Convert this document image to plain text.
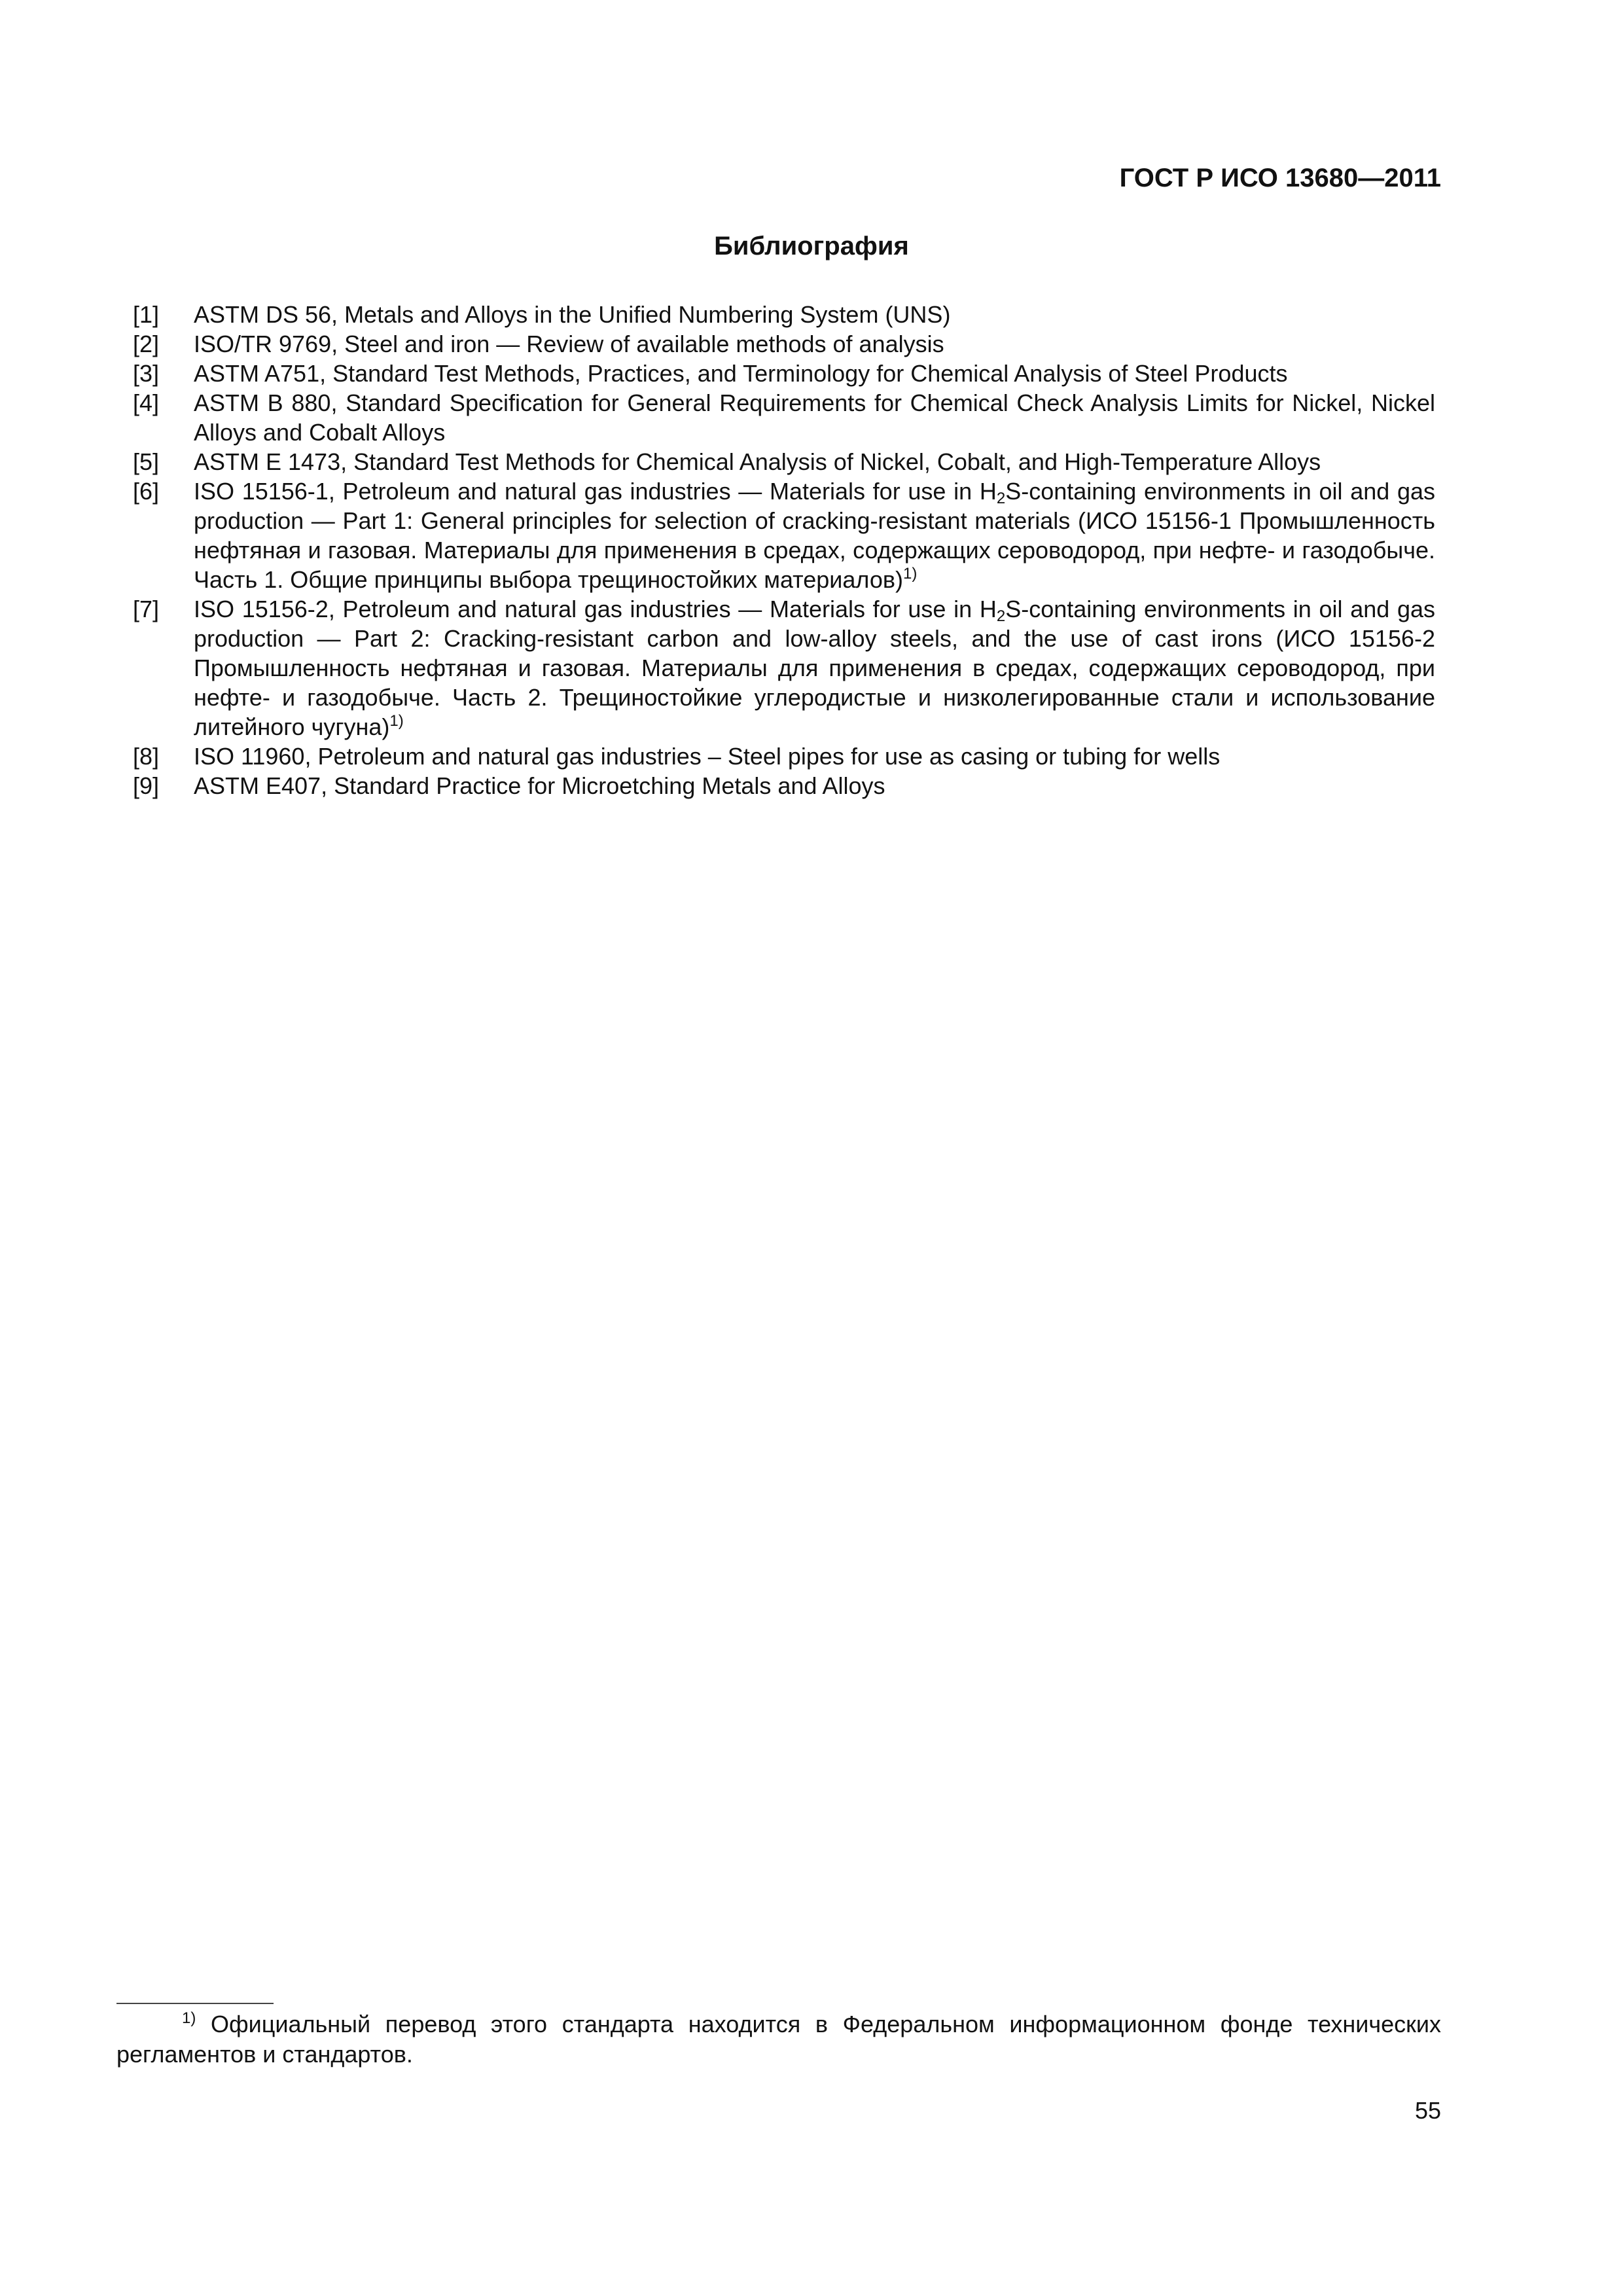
ГОСТ Р ИСО 13680—2011
Библиография
[1]	ASTM DS 56, Metals and Alloys in the Unified Numbering System (UNS)
[2]	ISO/TR 9769, Steel and iron — Review of available methods of analysis
[3]	ASTM A751, Standard Test Methods, Practices, and Terminology for Chemical Analysis of Steel Products
[4]	ASTM B 880, Standard Specification for General Requirements for Chemical Check Analysis Limits for Nickel, Nickel Alloys and Cobalt Alloys
[5]	ASTM E 1473, Standard Test Methods for Chemical Analysis of Nickel, Cobalt, and High-Temperature Alloys
[6]	ISO 15156-1, Petroleum and natural gas industries — Materials for use in $H_2S$-containing environments in oil and gas production — Part 1: General principles for selection of cracking-resistant materials (ИСО 15156-1 Промышленность нефтяная и газовая. Материалы для применения в средах, содержащих сероводород, при нефте- и газодобыче. Часть 1. Общие принципы выбора трещиностойких материалов)$^{1)}$
[7]	ISO 15156-2, Petroleum and natural gas industries — Materials for use in $H_2S$-containing environments in oil and gas production — Part 2: Cracking-resistant carbon and low-alloy steels, and the use of cast irons (ИСО 15156-2 Промышленность нефтяная и газовая. Материалы для применения в средах, содержащих сероводород, при нефте- и газодобыче. Часть 2. Трещиностойкие углеродистые и низколегированные стали и использование литейного чугуна)$^{1)}$
[8]	ISO 11960, Petroleum and natural gas industries – Steel pipes for use as casing or tubing for wells
[9]	ASTM E407, Standard Practice for Microetching Metals and Alloys
$^{1)}$ Официальный перевод этого стандарта находится в Федеральном информационном фонде технических регламентов и стандартов.
55
